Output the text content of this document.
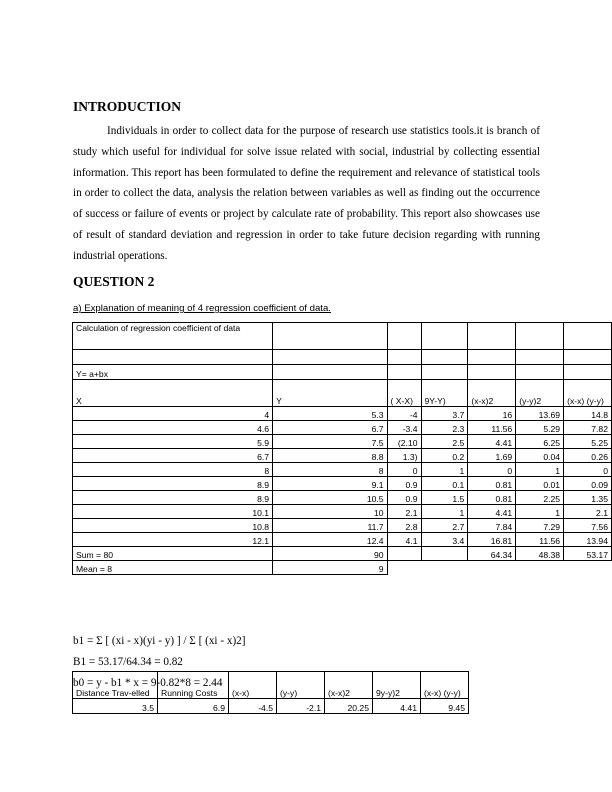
INTRODUCTION

Individuals in order to collect data for the purpose of research use statistics tools.it is branch of study which useful for individual for solve issue related with social, industrial by collecting essential information. This report has been formulated to define the requirement and relevance of statistical tools in order to collect the data, analysis the relation between variables as well as finding out the occurrence of success or failure of events or project by calculate rate of probability. This report also showcases use of result of standard deviation and regression in order to take future decision regarding with running industrial operations.

QUESTION 2

a) Explanation of meaning of 4 regression coefficient of data.

Calculation of regression coefficient of data						

Y= a+bx						
X	Y	( X-X)	9Y-Y)	(x-x)2	(y-y)2	(x-x) (y-y)
4	5.3	-4	3.7	16	13.69	14.8
4.6	6.7	-3.4	2.3	11.56	5.29	7.82
5.9	7.5	(2.10	2.5	4.41	6.25	5.25
6.7	8.8	1.3)	0.2	1.69	0.04	0.26
8	8	0	1	0	1	0
8.9	9.1	0.9	0.1	0.81	0.01	0.09
8.9	10.5	0.9	1.5	0.81	2.25	1.35
10.1	10	2.1	1	4.41	1	2.1
10.8	11.7	2.8	2.7	7.84	7.29	7.56
12.1	12.4	4.1	3.4	16.81	11.56	13.94
Sum = 80	90			64.34	48.38	53.17
Mean = 8	9					

b1 = Σ [ (xi - x)(yi - y) ] / Σ [ (xi - x)2]

B1 = 53.17/64.34 = 0.82

b0 = y - b1 * x = 9-0.82*8 = 2.44

Distance Trav-elled	Running Costs	(x-x)	(y-y)	(x-x)2	9y-y)2	(x-x) (y-y)
3.5	6.9	-4.5	-2.1	20.25	4.41	9.45
